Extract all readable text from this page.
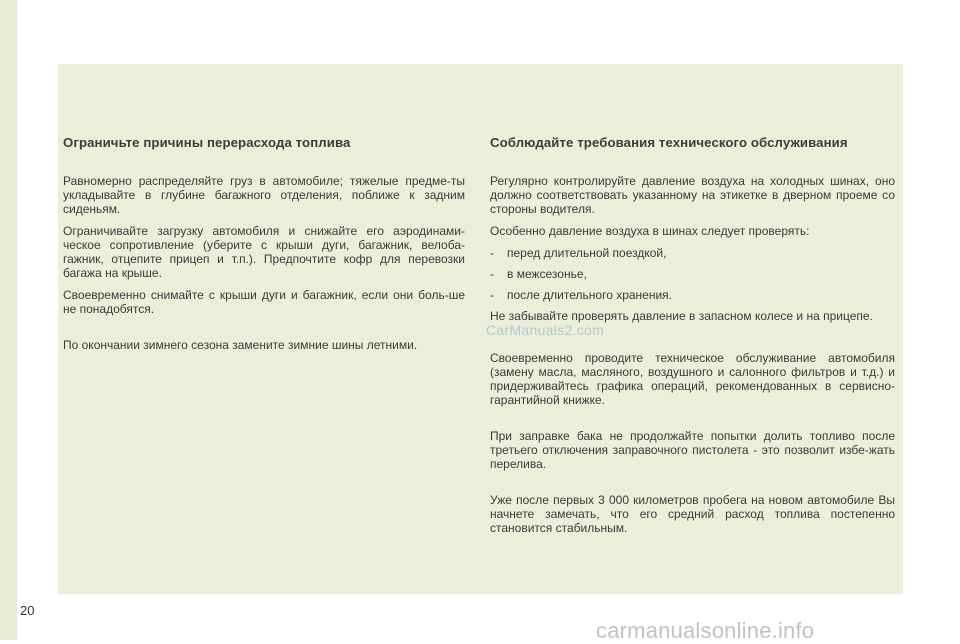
Ограничьте причины перерасхода топлива

Равномерно распределяйте груз в автомобиле; тяжелые предме-ты укладывайте в глубине багажного отделения, поближе к задним сиденьям.

Ограничивайте загрузку автомобиля и снижайте его аэродинами-ческое сопротивление (уберите с крыши дуги, багажник, велоба-гажник, отцепите прицеп и т.п.). Предпочтите кофр для перевозки багажа на крыше.

Своевременно снимайте с крыши дуги и багажник, если они боль-ше не понадобятся.

По окончании зимнего сезона замените зимние шины летними.

Соблюдайте требования технического обслуживания

Регулярно контролируйте давление воздуха на холодных шинах, оно должно соответствовать указанному на этикетке в дверном проеме со стороны водителя.

Особенно давление воздуха в шинах следует проверять:

-	перед длительной поездкой,
-	в межсезонье,
-	после длительного хранения.

Не забывайте проверять давление в запасном колесе и на прицепе.

Своевременно проводите техническое обслуживание автомобиля (замену масла, масляного, воздушного и салонного фильтров и т.д.) и придерживайтесь графика операций, рекомендованных в сервисно-гарантийной книжке.

При заправке бака не продолжайте попытки долить топливо после третьего отключения заправочного пистолета - это позволит избе-жать перелива.

Уже после первых 3 000 километров пробега на новом автомобиле Вы начнете замечать, что его средний расход топлива постепенно становится стабильным.

CarManuals2.com
20
carmanualsonline.info
